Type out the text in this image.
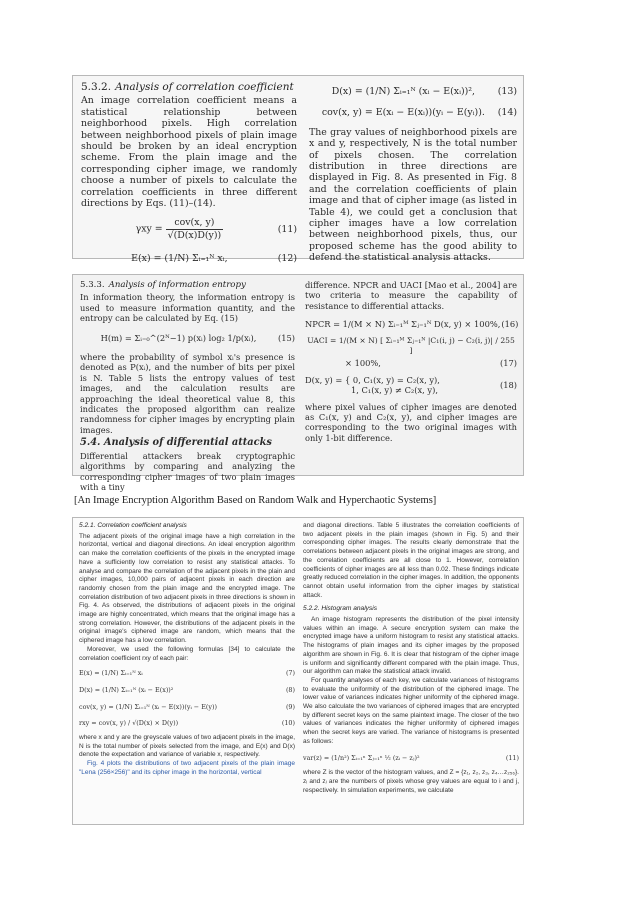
5.3.2. Analysis of correlation coefficient

An image correlation coefficient means a statistical relationship between neighborhood pixels. High correlation between neighborhood pixels of plain image should be broken by an ideal encryption scheme. From the plain image and the corresponding cipher image, we randomly choose a number of pixels to calculate the correlation coefficients in three different directions by Eqs. (11)–(14).

$\gamma xy = \frac{\text{cov(x, y)}}{√(D(x)D(y))}$	(11)
E(x) = (1/N) Σᵢ₌₁ᴺ xᵢ,	(12)
D(x) = (1/N) Σᵢ₌₁ᴺ (xᵢ − E(xᵢ))²,	(13)
cov(x, y) = E(xᵢ − E(xᵢ))(yᵢ − E(yᵢ)).	(14)

The gray values of neighborhood pixels are x and y, respectively, N is the total number of pixels chosen. The correlation distribution in three directions are displayed in Fig. 8. As presented in Fig. 8 and the correlation coefficients of plain image and that of cipher image (as listed in Table 4), we could get a conclusion that cipher images have a low correlation between neighborhood pixels, thus, our proposed scheme has the good ability to defend the statistical analysis attacks.

5.3.3. Analysis of information entropy

In information theory, the information entropy is used to measure information quantity, and the entropy can be calculated by Eq. (15)

H(m) = Σᵢ₌₀^(2ᴺ−1) p(xᵢ) log₂ 1/p(xᵢ),	(15)

where the probability of symbol xᵢ's presence is denoted as P(xᵢ), and the number of bits per pixel is N. Table 5 lists the entropy values of test images, and the calculation results are approaching the ideal theoretical value 8, this indicates the proposed algorithm can realize randomness for cipher images by encrypting plain images.

5.4. Analysis of differential attacks

Differential attackers break cryptographic algorithms by comparing and analyzing the corresponding cipher images of two plain images with a tiny

difference. NPCR and UACI [Mao et al., 2004] are two criteria to measure the capability of resistance to differential attacks.

NPCR = 1/(M × N) Σᵢ₌₁ᴹ Σⱼ₌₁ᴺ D(x, y) × 100%, (16)
UACI = 1/(M × N) [ Σᵢ₌₁ᴹ Σⱼ₌₁ᴺ |C₁(i, j) − C₂(i, j)| / 255 ]
× 100%,	(17)
D(x, y) = { 0, C₁(x, y) = C₂(x, y),
1, C₁(x, y) ≠ C₂(x, y),
(18)

where pixel values of cipher images are denoted as C₁(x, y) and C₂(x, y), and cipher images are corresponding to the two original images with only 1-bit difference.

[An Image Encryption Algorithm Based on Random Walk and Hyperchaotic Systems]

5.2.1. Correlation coefficient analysis

The adjacent pixels of the original image have a high correlation in the horizontal, vertical and diagonal directions. An ideal encryption algorithm can make the correlation coefficients of the pixels in the encrypted image have a sufficiently low correlation to resist any statistical attacks. To analyse and compare the correlation of the adjacent pixels in the plain and cipher images, 10,000 pairs of adjacent pixels in each direction are randomly chosen from the plain image and the encrypted image. The correlation distribution of two adjacent pixels in three directions is shown in Fig. 4. As observed, the distributions of adjacent pixels in the original image are highly concentrated, which means that the original image has a strong correlation. However, the distributions of the adjacent pixels in the original image's ciphered image are random, which means that the ciphered image has a low correlation.

Moreover, we used the following formulas [34] to calculate the correlation coefficient rxy of each pair:

E(x) = (1/N) Σᵢ₌₁ᴺ xᵢ	(7)
D(x) = (1/N) Σᵢ₌₁ᴺ (xᵢ − E(x))²	(8)
cov(x, y) = (1/N) Σᵢ₌₁ᴺ (xᵢ − E(x))(yᵢ − E(y))	(9)
rxy = cov(x, y) / √(D(x) × D(y))	(10)

where x and y are the greyscale values of two adjacent pixels in the image, N is the total number of pixels selected from the image, and E(x) and D(x) denote the expectation and variance of variable x, respectively.

Fig. 4 plots the distributions of two adjacent pixels of the plain image "Lena (256×256)" and its cipher image in the horizontal, vertical

and diagonal directions. Table 5 illustrates the correlation coefficients of two adjacent pixels in the plain images (shown in Fig. 5) and their corresponding cipher images. The results clearly demonstrate that the correlations between adjacent pixels in the original images are strong, and the correlation coefficients are all close to 1. However, correlation coefficients of cipher images are all less than 0.02. These findings indicate greatly reduced correlation in the cipher images. In addition, the opponents cannot obtain useful information from the cipher images by statistical attack.

5.2.2. Histogram analysis

An image histogram represents the distribution of the pixel intensity values within an image. A secure encryption system can make the encrypted image have a uniform histogram to resist any statistical attacks. The histograms of plain images and its cipher images by the proposed algorithm are shown in Fig. 6. It is clear that histogram of the cipher image is uniform and significantly different compared with the plain image. Thus, our algorithm can make the statistical attack invalid.

For quantity analyses of each key, we calculate variances of histograms to evaluate the uniformity of the distribution of the ciphered image. The lower value of variances indicates higher uniformity of the ciphered image. We also calculate the two variances of ciphered images that are encrypted by different secret keys on the same plaintext image. The closer of the two values of variances indicates the higher uniformity of ciphered images when the secret keys are varied. The variance of histograms is presented as follows:

var(z) = (1/n²) Σᵢ₌₁ⁿ Σⱼ₌₁ⁿ ½ (zᵢ − zⱼ)²	(11)

where Z is the vector of the histogram values, and Z = {z₁, z₂, z₃, z₄…z₂₅₆}. zᵢ and zⱼ are the numbers of pixels whose grey values are equal to i and j, respectively. In simulation experiments, we calculate
